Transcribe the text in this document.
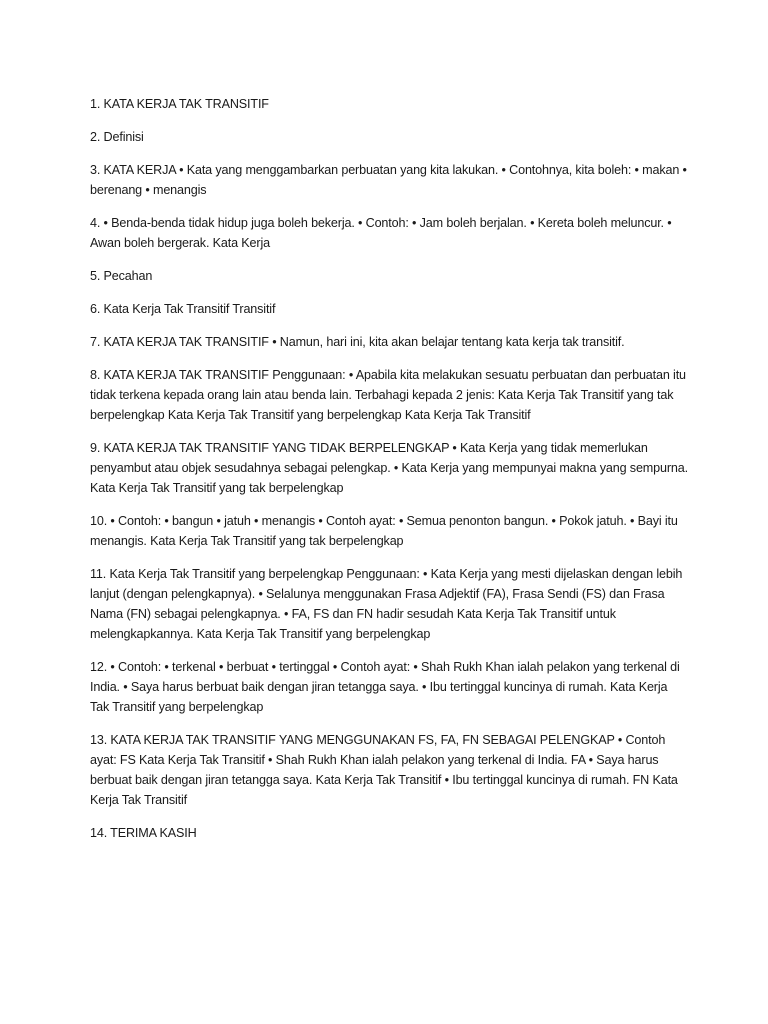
1. KATA KERJA TAK TRANSITIF

2. Definisi

3. KATA KERJA • Kata yang menggambarkan perbuatan yang kita lakukan. • Contohnya, kita boleh: • makan • berenang • menangis

4. • Benda-benda tidak hidup juga boleh bekerja. • Contoh: • Jam boleh berjalan. • Kereta boleh meluncur. • Awan boleh bergerak. Kata Kerja

5. Pecahan

6. Kata Kerja Tak Transitif Transitif

7. KATA KERJA TAK TRANSITIF • Namun, hari ini, kita akan belajar tentang kata kerja tak transitif.

8. KATA KERJA TAK TRANSITIF Penggunaan: • Apabila kita melakukan sesuatu perbuatan dan perbuatan itu tidak terkena kepada orang lain atau benda lain. Terbahagi kepada 2 jenis: Kata Kerja Tak Transitif yang tak berpelengkap Kata Kerja Tak Transitif yang berpelengkap Kata Kerja Tak Transitif

9. KATA KERJA TAK TRANSITIF YANG TIDAK BERPELENGKAP • Kata Kerja yang tidak memerlukan penyambut atau objek sesudahnya sebagai pelengkap. • Kata Kerja yang mempunyai makna yang sempurna. Kata Kerja Tak Transitif yang tak berpelengkap

10. • Contoh: • bangun • jatuh • menangis • Contoh ayat: • Semua penonton bangun. • Pokok jatuh. • Bayi itu menangis. Kata Kerja Tak Transitif yang tak berpelengkap

11. Kata Kerja Tak Transitif yang berpelengkap Penggunaan: • Kata Kerja yang mesti dijelaskan dengan lebih lanjut (dengan pelengkapnya). • Selalunya menggunakan Frasa Adjektif (FA), Frasa Sendi (FS) dan Frasa Nama (FN) sebagai pelengkapnya. • FA, FS dan FN hadir sesudah Kata Kerja Tak Transitif untuk melengkapkannya. Kata Kerja Tak Transitif yang berpelengkap

12. • Contoh: • terkenal • berbuat • tertinggal • Contoh ayat: • Shah Rukh Khan ialah pelakon yang terkenal di India. • Saya harus berbuat baik dengan jiran tetangga saya. • Ibu tertinggal kuncinya di rumah. Kata Kerja Tak Transitif yang berpelengkap

13. KATA KERJA TAK TRANSITIF YANG MENGGUNAKAN FS, FA, FN SEBAGAI PELENGKAP • Contoh ayat: FS Kata Kerja Tak Transitif • Shah Rukh Khan ialah pelakon yang terkenal di India. FA • Saya harus berbuat baik dengan jiran tetangga saya. Kata Kerja Tak Transitif • Ibu tertinggal kuncinya di rumah. FN Kata Kerja Tak Transitif

14. TERIMA KASIH
